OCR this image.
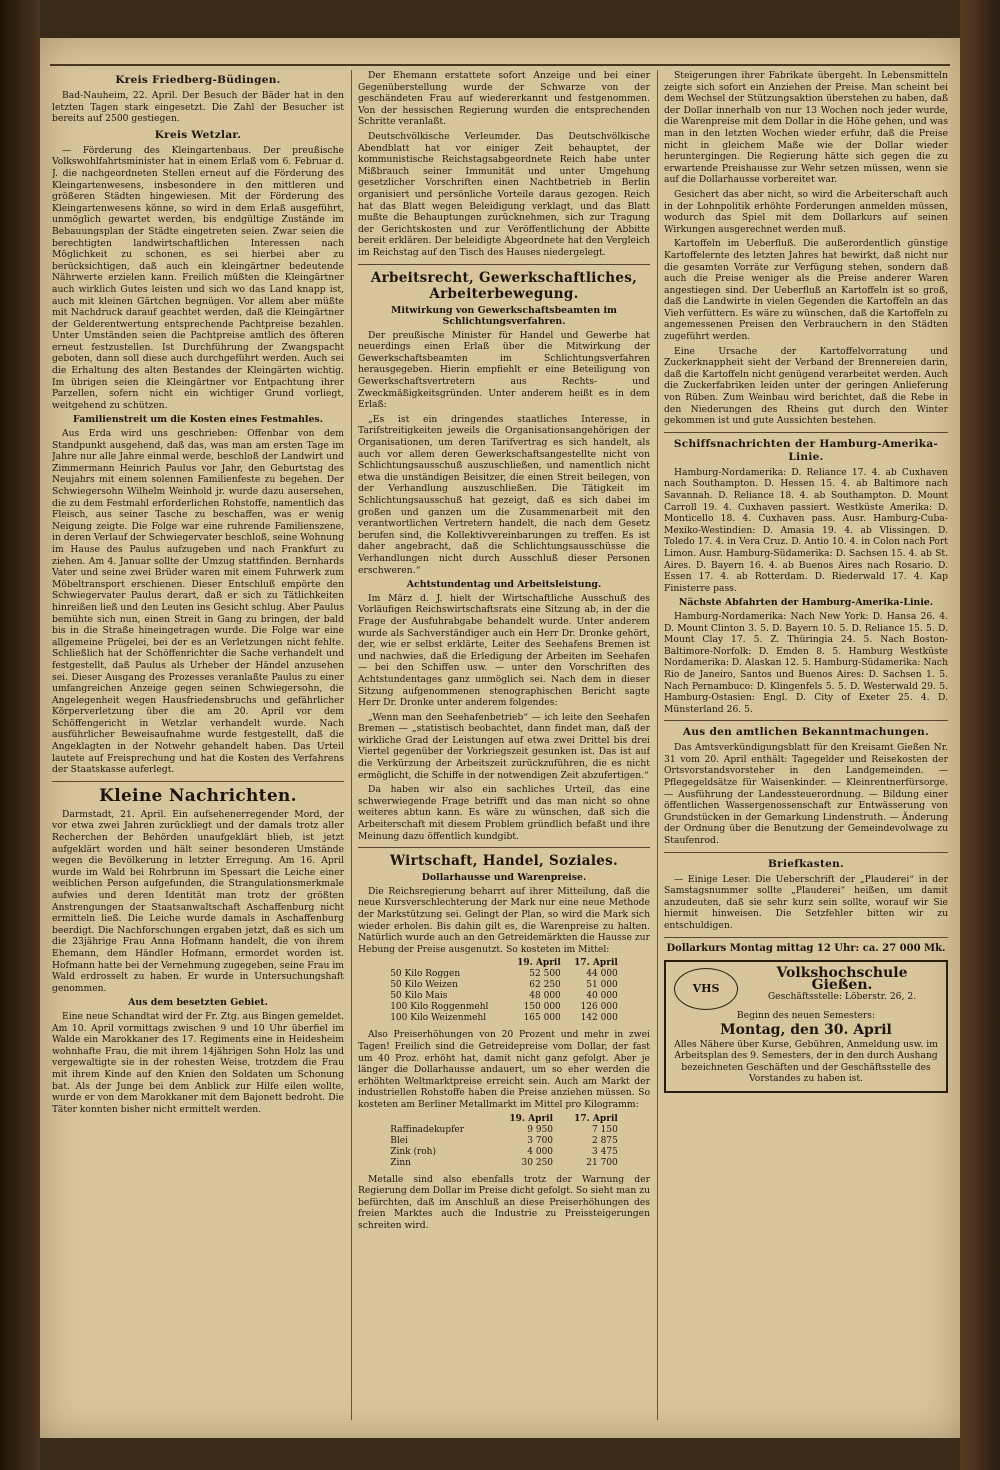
Kreis Friedberg-Büdingen.

Bad-Nauheim, 22. April. Der Besuch der Bäder hat in den letzten Tagen stark eingesetzt. Die Zahl der Besucher ist bereits auf 2500 gestiegen.

Kreis Wetzlar.

— Förderung des Kleingartenbaus. Der preußische Volkswohlfahrtsminister hat in einem Erlaß vom 6. Februar d. J. die nachgeordneten Stellen erneut auf die Förderung des Kleingartenwesens, insbesondere in den mittleren und größeren Städten hingewiesen. Mit der Förderung des Kleingartenwesens könne, so wird in dem Erlaß ausgeführt, unmöglich gewartet werden, bis endgültige Zustände im Bebauungsplan der Städte eingetreten seien. Zwar seien die berechtigten landwirtschaftlichen Interessen nach Möglichkeit zu schonen, es sei hierbei aber zu berücksichtigen, daß auch ein kleingärtner bedeutende Nährwerte erzielen kann. Freilich müßten die Kleingärtner auch wirklich Gutes leisten und sich wo das Land knapp ist, auch mit kleinen Gärtchen begnügen. Vor allem aber müßte mit Nachdruck darauf geachtet werden, daß die Kleingärtner der Gelderentwertung entsprechende Pachtpreise bezahlen. Unter Umständen seien die Pachtpreise amtlich des öfteren erneut festzustellen. Ist Durchführung der Zwangspacht geboten, dann soll diese auch durchgeführt werden. Auch sei die Erhaltung des alten Bestandes der Kleingärten wichtig. Im übrigen seien die Kleingärtner vor Entpachtung ihrer Parzellen, sofern nicht ein wichtiger Grund vorliegt, weitgehend zu schützen.

Familienstreit um die Kosten eines Festmahles.

Aus Erda wird uns geschrieben: Offenbar von dem Standpunkt ausgehend, daß das, was man am ersten Tage im Jahre nur alle Jahre einmal werde, beschloß der Landwirt und Zimmermann Heinrich Paulus vor Jahr, den Geburtstag des Neujahrs mit einem solennen Familienfeste zu begehen. Der Schwiegersohn Wilhelm Weinhold jr. wurde dazu ausersehen, die zu dem Festmahl erforderlichen Rohstoffe, namentlich das Fleisch, aus seiner Tasche zu beschaffen, was er wenig Neigung zeigte. Die Folge war eine ruhrende Familienszene, in deren Verlauf der Schwiegervater beschloß, seine Wohnung im Hause des Paulus aufzugeben und nach Frankfurt zu ziehen. Am 4. Januar sollte der Umzug stattfinden. Bernhards Vater und seine zwei Brüder waren mit einem Fuhrwerk zum Möbeltransport erschienen. Dieser Entschluß empörte den Schwiegervater Paulus derart, daß er sich zu Tätlichkeiten hinreißen ließ und den Leuten ins Gesicht schlug. Aber Paulus bemühte sich nun, einen Streit in Gang zu bringen, der bald bis in die Straße hineingetragen wurde. Die Folge war eine allgemeine Prügelei, bei der es an Verletzungen nicht fehlte. Schließlich hat der Schöffenrichter die Sache verhandelt und festgestellt, daß Paulus als Urheber der Händel anzusehen sei. Dieser Ausgang des Prozesses veranlaßte Paulus zu einer umfangreichen Anzeige gegen seinen Schwiegersohn, die Angelegenheit wegen Hausfriedensbruchs und gefährlicher Körperverletzung über die am 20. April vor dem Schöffengericht in Wetzlar verhandelt wurde. Nach ausführlicher Beweisaufnahme wurde festgestellt, daß die Angeklagten in der Notwehr gehandelt haben. Das Urteil lautete auf Freisprechung und hat die Kosten des Verfahrens der Staatskasse auferlegt.

Kleine Nachrichten.

Darmstadt, 21. April. Ein aufsehenerregender Mord, der vor etwa zwei Jahren zurückliegt und der damals trotz aller Recherchen der Behörden unaufgeklärt blieb, ist jetzt aufgeklärt worden und hält seiner besonderen Umstände wegen die Bevölkerung in letzter Erregung. Am 16. April wurde im Wald bei Rohrbrunn im Spessart die Leiche einer weiblichen Person aufgefunden, die Strangulationsmerkmale aufwies und deren Identität man trotz der größten Anstrengungen der Staatsanwaltschaft Aschaffenburg nicht ermitteln ließ. Die Leiche wurde damals in Aschaffenburg beerdigt. Die Nachforschungen ergaben jetzt, daß es sich um die 23jährige Frau Anna Hofmann handelt, die von ihrem Ehemann, dem Händler Hofmann, ermordet worden ist. Hofmann hatte bei der Vernehmung zugegeben, seine Frau im Wald erdrosselt zu haben. Er wurde in Untersuchungshaft genommen.

Aus dem besetzten Gebiet.

Eine neue Schandtat wird der Fr. Ztg. aus Bingen gemeldet. Am 10. April vormittags zwischen 9 und 10 Uhr überfiel im Walde ein Marokkaner des 17. Regiments eine in Heidesheim wohnhafte Frau, die mit ihrem 14jährigen Sohn Holz las und vergewaltigte sie in der rohesten Weise, trotzdem die Frau mit ihrem Kinde auf den Knien den Soldaten um Schonung bat. Als der Junge bei dem Anblick zur Hilfe eilen wollte, wurde er von dem Marokkaner mit dem Bajonett bedroht. Die Täter konnten bisher nicht ermittelt werden.

Der Ehemann erstattete sofort Anzeige und bei einer Gegenüberstellung wurde der Schwarze von der geschändeten Frau auf wiedererkannt und festgenommen. Von der hessischen Regierung wurden die entsprechenden Schritte veranlaßt.

Deutschvölkische Verleumder. Das Deutschvölkische Abendblatt hat vor einiger Zeit behauptet, der kommunistische Reichstagsabgeordnete Reich habe unter Mißbrauch seiner Immunität und unter Umgehung gesetzlicher Vorschriften einen Nachtbetrieb in Berlin organisiert und persönliche Vorteile daraus gezogen. Reich hat das Blatt wegen Beleidigung verklagt, und das Blatt mußte die Behauptungen zurücknehmen, sich zur Tragung der Gerichtskosten und zur Veröffentlichung der Abbitte bereit erklären. Der beleidigte Abgeordnete hat den Vergleich im Reichstag auf den Tisch des Hauses niedergelegt.

Arbeitsrecht, Gewerkschaftliches, Arbeiterbewegung.
Mitwirkung von Gewerkschaftsbeamten im Schlichtungsverfahren.

Der preußische Minister für Handel und Gewerbe hat neuerdings einen Erlaß über die Mitwirkung der Gewerkschaftsbeamten im Schlichtungsverfahren herausgegeben. Hierin empfiehlt er eine Beteiligung von Gewerkschaftsvertretern aus Rechts- und Zweckmäßigkeitsgründen. Unter anderem heißt es in dem Erlaß:

„Es ist ein dringendes staatliches Interesse, in Tarifstreitigkeiten jeweils die Organisationsangehörigen der Organisationen, um deren Tarifvertrag es sich handelt, als auch vor allem deren Gewerkschaftsangestellte nicht von Schlichtungsausschuß auszuschließen, und namentlich nicht etwa die unständigen Beisitzer, die einen Streit beilegen, von der Verhandlung auszuschließen. Die Tätigkeit im Schlichtungsausschuß hat gezeigt, daß es sich dabei im großen und ganzen um die Zusammenarbeit mit den verantwortlichen Vertretern handelt, die nach dem Gesetz berufen sind, die Kollektivvereinbarungen zu treffen. Es ist daher angebracht, daß die Schlichtungsausschüsse die Verhandlungen nicht durch Ausschluß dieser Personen erschweren.“

Achtstundentag und Arbeitsleistung.

Im März d. J. hielt der Wirtschaftliche Ausschuß des Vorläufigen Reichswirtschaftsrats eine Sitzung ab, in der die Frage der Ausfuhrabgabe behandelt wurde. Unter anderem wurde als Sachverständiger auch ein Herr Dr. Dronke gehört, der, wie er selbst erklärte, Leiter des Seehafens Bremen ist und nachwies, daß die Erledigung der Arbeiten im Seehafen — bei den Schiffen usw. — unter den Vorschriften des Achtstundentages ganz unmöglich sei. Nach dem in dieser Sitzung aufgenommenen stenographischen Bericht sagte Herr Dr. Dronke unter anderem folgendes:

„Wenn man den Seehafenbetrieb“ — ich leite den Seehafen Bremen — „statistisch beobachtet, dann findet man, daß der wirkliche Grad der Leistungen auf etwa zwei Drittel bis drei Viertel gegenüber der Vorkriegszeit gesunken ist. Das ist auf die Verkürzung der Arbeitszeit zurückzuführen, die es nicht ermöglicht, die Schiffe in der notwendigen Zeit abzufertigen.“

Da haben wir also ein sachliches Urteil, das eine schwerwiegende Frage betrifft und das man nicht so ohne weiteres abtun kann. Es wäre zu wünschen, daß sich die Arbeiterschaft mit diesem Problem gründlich befaßt und ihre Meinung dazu öffentlich kundgibt.

Wirtschaft, Handel, Soziales.
Dollarhausse und Warenpreise.

Die Reichsregierung beharrt auf ihrer Mitteilung, daß die neue Kursverschlechterung der Mark nur eine neue Methode der Markstützung sei. Gelingt der Plan, so wird die Mark sich wieder erholen. Bis dahin gilt es, die Warenpreise zu halten. Natürlich wurde auch an den Getreidemärkten die Hausse zur Hebung der Preise ausgenutzt. So kosteten im Mittel:

	19. April	17. April
50 Kilo Roggen	52 500	44 000
50 Kilo Weizen	62 250	51 000
50 Kilo Mais	48 000	40 000
100 Kilo Roggenmehl	150 000	126 000
100 Kilo Weizenmehl	165 000	142 000

Also Preiserhöhungen von 20 Prozent und mehr in zwei Tagen! Freilich sind die Getreidepreise vom Dollar, der fast um 40 Proz. erhöht hat, damit nicht ganz gefolgt. Aber je länger die Dollarhausse andauert, um so eher werden die erhöhten Weltmarktpreise erreicht sein. Auch am Markt der industriellen Rohstoffe haben die Preise anziehen müssen. So kosteten am Berliner Metallmarkt im Mittel pro Kilogramm:

	19. April	17. April
Raffinadekupfer	9 950	7 150
Blei	3 700	2 875
Zink (roh)	4 000	3 475
Zinn	30 250	21 700

Metalle sind also ebenfalls trotz der Warnung der Regierung dem Dollar im Preise dicht gefolgt. So sieht man zu befürchten, daß im Anschluß an diese Preiserhöhungen des freien Marktes auch die Industrie zu Preissteigerungen schreiten wird.

Steigerungen ihrer Fabrikate übergeht. In Lebensmitteln zeigte sich sofort ein Anziehen der Preise. Man scheint bei dem Wechsel der Stützungsaktion überstehen zu haben, daß der Dollar innerhalb von nur 13 Wochen noch jeder wurde, die Warenpreise mit dem Dollar in die Höhe gehen, und was man in den letzten Wochen wieder erfuhr, daß die Preise nicht in gleichem Maße wie der Dollar wieder heruntergingen. Die Regierung hätte sich gegen die zu erwartende Preishausse zur Wehr setzen müssen, wenn sie auf die Dollarhausse vorbereitet war.

Gesichert das aber nicht, so wird die Arbeiterschaft auch in der Lohnpolitik erhöhte Forderungen anmelden müssen, wodurch das Spiel mit dem Dollarkurs auf seinen Wirkungen ausgerechnet werden muß.

Kartoffeln im Ueberfluß. Die außerordentlich günstige Kartoffelernte des letzten Jahres hat bewirkt, daß nicht nur die gesamten Vorräte zur Verfügung stehen, sondern daß auch die Preise weniger als die Preise anderer Waren angestiegen sind. Der Ueberfluß an Kartoffeln ist so groß, daß die Landwirte in vielen Gegenden die Kartoffeln an das Vieh verfüttern. Es wäre zu wünschen, daß die Kartoffeln zu angemessenen Preisen den Verbrauchern in den Städten zugeführt werden.

Eine Ursache der Kartoffelvorratung und Zuckerknappheit sieht der Verband der Brennereien darin, daß die Kartoffeln nicht genügend verarbeitet werden. Auch die Zuckerfabriken leiden unter der geringen Anlieferung von Rüben. Zum Weinbau wird berichtet, daß die Rebe in den Niederungen des Rheins gut durch den Winter gekommen ist und gute Aussichten bestehen.

Schiffsnachrichten der Hamburg-Amerika-Linie.

Hamburg-Nordamerika: D. Reliance 17. 4. ab Cuxhaven nach Southampton. D. Hessen 15. 4. ab Baltimore nach Savannah. D. Reliance 18. 4. ab Southampton. D. Mount Carroll 19. 4. Cuxhaven passiert. Westküste Amerika: D. Monticello 18. 4. Cuxhaven pass. Ausr. Hamburg-Cuba-Mexiko-Westindien: D. Amasia 19. 4. ab Vlissingen. D. Toledo 17. 4. in Vera Cruz. D. Antio 10. 4. in Colon nach Port Limon. Ausr. Hamburg-Südamerika: D. Sachsen 15. 4. ab St. Aires. D. Bayern 16. 4. ab Buenos Aires nach Rosario. D. Essen 17. 4. ab Rotterdam. D. Riederwald 17. 4. Kap Finisterre pass.

Nächste Abfahrten der Hamburg-Amerika-Linie.

Hamburg-Nordamerika: Nach New York: D. Hansa 26. 4. D. Mount Clinton 3. 5. D. Bayern 10. 5. D. Reliance 15. 5. D. Mount Clay 17. 5. Z. Thüringia 24. 5. Nach Boston-Baltimore-Norfolk: D. Emden 8. 5. Hamburg Westküste Nordamerika: D. Alaskan 12. 5. Hamburg-Südamerika: Nach Rio de Janeiro, Santos und Buenos Aires: D. Sachsen 1. 5. Nach Pernambuco: D. Klingenfels 5. 5. D. Westerwald 29. 5. Hamburg-Ostasien: Engl. D. City of Exeter 25. 4. D. Münsterland 26. 5.

Aus den amtlichen Bekanntmachungen.

Das Amtsverkündigungsblatt für den Kreisamt Gießen Nr. 31 vom 20. April enthält: Tagegelder und Reisekosten der Ortsvorstandsvorsteher in den Landgemeinden. — Pflegegeldsätze für Waisenkinder. — Kleinrentnerfürsorge. — Ausführung der Landessteuerordnung. — Bildung einer öffentlichen Wassergenossenschaft zur Entwässerung von Grundstücken in der Gemarkung Lindenstruth. — Änderung der Ordnung über die Benutzung der Gemeindevolwage zu Staufenrod.

Briefkasten.

— Einige Leser. Die Ueberschrift der „Plauderei“ in der Samstagsnummer sollte „Plauderei“ heißen, um damit anzudeuten, daß sie sehr kurz sein sollte, worauf wir Sie hiermit hinweisen. Die Setzfehler bitten wir zu entschuldigen.

Dollarkurs Montag mittag 12 Uhr: ca. 27 000 Mk.
VHS
Volkshochschule Gießen.
Geschäftsstelle: Löberstr. 26, 2.
Beginn des neuen Semesters:
Montag, den 30. April
Alles Nähere über Kurse, Gebühren, Anmeldung usw. im Arbeitsplan des 9. Semesters, der in den durch Aushang bezeichneten Geschäften und der Geschäftsstelle des Vorstandes zu haben ist.
